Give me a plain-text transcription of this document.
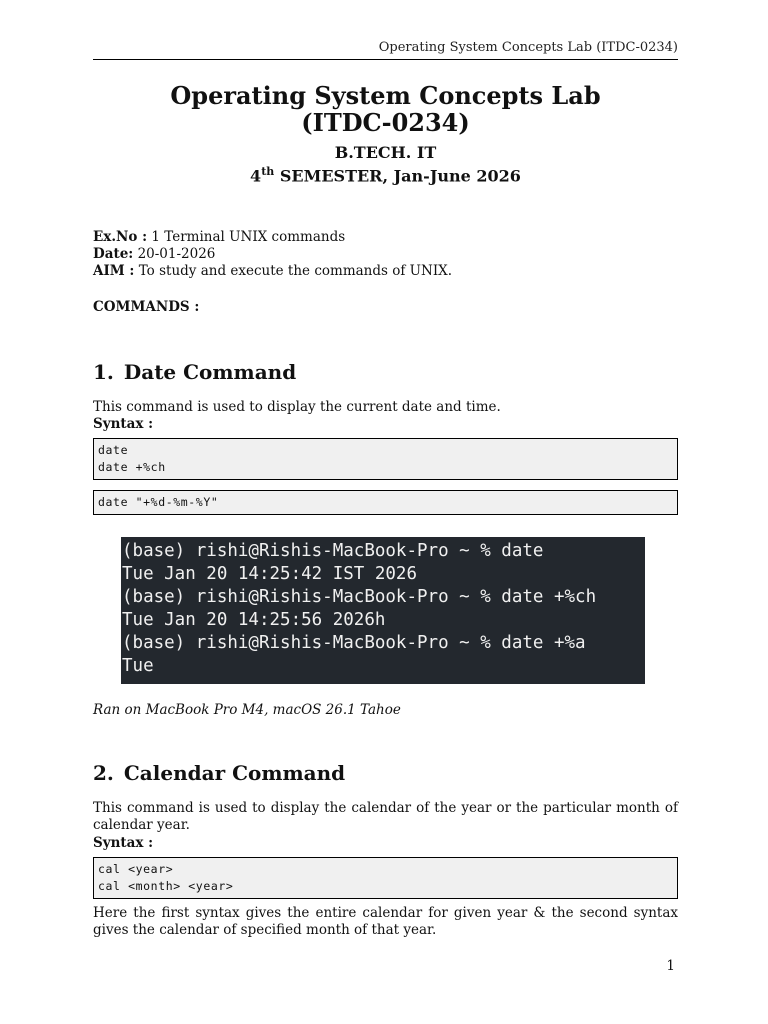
Operating System Concepts Lab (ITDC-0234)
Operating System Concepts Lab
(ITDC-0234)
B.TECH. IT
4th SEMESTER, Jan-June 2026
Ex.No : 1 Terminal UNIX commands
Date: 20-01-2026
AIM : To study and execute the commands of UNIX.
COMMANDS :
1. Date Command
This command is used to display the current date and time.
Syntax :
date
date +%ch
date "+%d-%m-%Y"
(base) rishi@Rishis-MacBook-Pro ~ % date
Tue Jan 20 14:25:42 IST 2026
(base) rishi@Rishis-MacBook-Pro ~ % date +%ch
Tue Jan 20 14:25:56 2026h
(base) rishi@Rishis-MacBook-Pro ~ % date +%a
Tue
Ran on MacBook Pro M4, macOS 26.1 Tahoe
2. Calendar Command
This command is used to display the calendar of the year or the particular month of calendar year.
Syntax :
cal <year>
cal <month> <year>
Here the first syntax gives the entire calendar for given year & the second syntax gives the calendar of specified month of that year.
1
